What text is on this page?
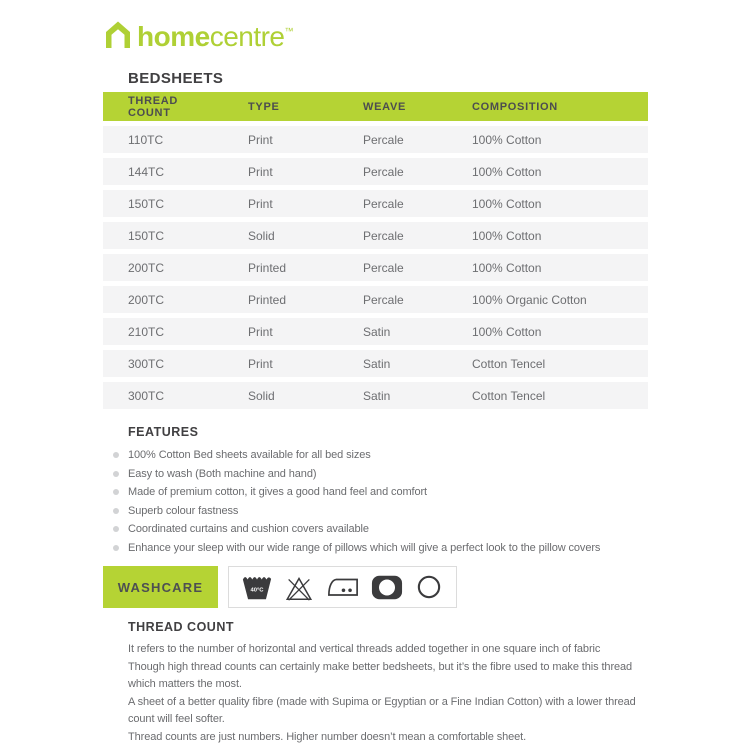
homecentre™
BEDSHEETS
THREAD COUNT	TYPE	WEAVE	COMPOSITION
110TC	Print	Percale	100% Cotton
144TC	Print	Percale	100% Cotton
150TC	Print	Percale	100% Cotton
150TC	Solid	Percale	100% Cotton
200TC	Printed	Percale	100% Cotton
200TC	Printed	Percale	100% Organic Cotton
210TC	Print	Satin	100% Cotton
300TC	Print	Satin	Cotton Tencel
300TC	Solid	Satin	Cotton Tencel
FEATURES
100% Cotton Bed sheets available for all bed sizes
Easy to wash (Both machine and hand)
Made of premium cotton, it gives a good hand feel and comfort
Superb colour fastness
Coordinated curtains and cushion covers available
Enhance your sleep with our wide range of pillows which will give a perfect look to the pillow covers
WASHCARE	40°C
THREAD COUNT

It refers to the number of horizontal and vertical threads added together in one square inch of fabric

Though high thread counts can certainly make better bedsheets, but it’s the fibre used to make this thread which matters the most.

A sheet of a better quality fibre (made with Supima or Egyptian or a Fine Indian Cotton) with a lower thread count will feel softer.

Thread counts are just numbers. Higher number doesn’t mean a comfortable sheet.
